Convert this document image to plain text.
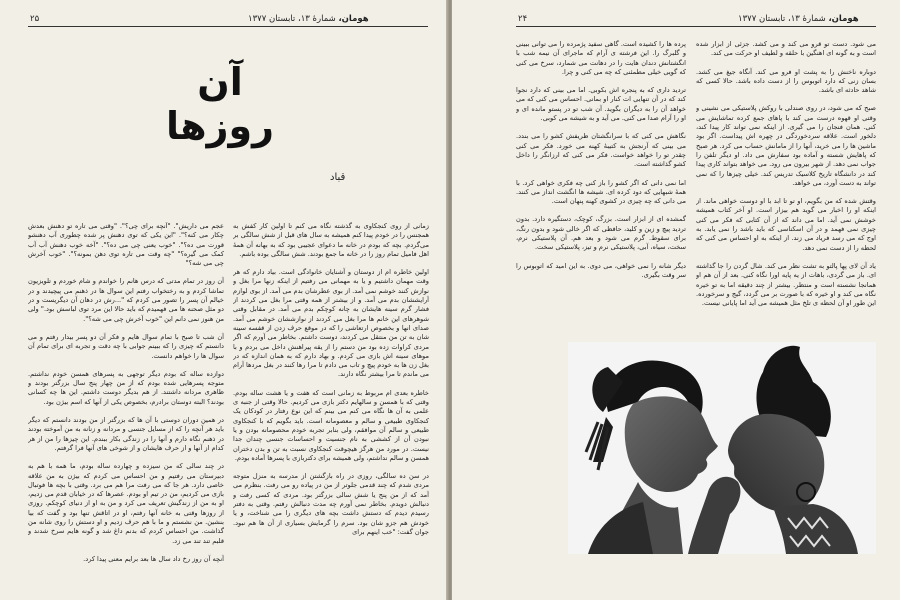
۲۵	هومان، شمارهٔ ۱۳، تابستان ۱۳۷۷
آن روزها
قباد

زمانی از روی کنجکاوی به گذشته نگاه می کنم تا اولین کار کفش به همجنس را در خودم پیدا کنم همیشه به سال های قبل از شش سالگی بر می‌گردم. بچه که بودم در خانه ما دعوای عجیبی بود که به بهانه آن همهٔ اهل فامیل تمام روز را در خانه ما جمع بودند. شش سالگی بوده باشم.

اولین خاطره ام از دوستان و آشنایان خانوادگی است. بیاد دارم که هر وقت مهمان داشتیم و یا به مهمانی می رفتیم از اینکه زنها مرا بغل و نوازش کنند خوشم نمی آمد. از بوی عطرشان بدم می آمد. از بوی لوازم آرایششان بدم می آمد. و از بیشتر از همه وقتی مرا بغل می کردند از فشار گرم سینه هایشان به چانه کوچکم بدم می آمد. در مقابل وقتی شوهرهای این خانم ها مرا بغل می کردند از نوازششان خوشم می آمد. صدای انها و بخصوص ارتعاشی را که در موقع حرف زدن از قفسه سینه شان به تن من منتقل می کردند، دوست داشتم. بخاطر می آورم که اگر مردی کراوات زده بود من دستم را از یقه پیراهنش داخل می بردم و با موهای سینه اش بازی می کردم. و بهاد دارم که به همان اندازه که در بغل زن ها به خودم پیچ و تاب می دادم تا مرا رها کنند در بغل مردها آرام می ماندم تا مرا بیشتر نگاه دارند.

خاطره بعدی ام مربوط به زمانی است که هفت و یا هشت ساله بودم. وقتی که با همسن و سالهایم دکتر بازی می کردیم. حالا وقتی از جنبه ی علمی به آن ها نگاه می کنم می بینم که این نوع رفتار در کودکان یک کنجکاوی طبیعی و سالم و معصومانه است. باید بگویم که با کنجکاوی طبیعی و سالم آن موافقم، ولی بنابر تجربه خودم محصومانه بودن و یا نبودن آن از کششی به نام جنسیت و احساسات جنسی چندان جدا نیست. در مورد من هرگز هیچوقت کنجکاوی نسبت به تن و بدن دختران همسن و سالم نداشتم، ولی همیشه برای دکتربازی با پسرها آماده بودم.

در سن ده سالگی، روزی در راه بازگشتن از مدرسه به منزل متوجه مردی شدم که چند قدمی جلوتر از من در پیاده رو می رفت. بنظرم می آمد که از من پنج یا شش سالی بزرگتر بود. مردی که کسی رفت و دنبالش دویدم. بخاطر نمی آورم چه مدت دنبالش رفتم. وقتی به دفتر رسیدم دیدم که دستش داشت بچه های دیگری را می شناخت، و یا خودش هم جزو شان بود. سرم را گرمایش بسیاری از آن ها هم نبود. جوان گفت: "خب اینهم برای

عجم می داریش". "آنچه برای چی؟". "وقتی می تاره تو دهنش بعدش چکار می کنه؟". "این یکی که توی دهنش پر شده چطوری آب دهنشو قورت می ده؟". "خوب یعنی چی می ده؟". "آخه خوب دهنش آب آب کمک می گیره؟" "چه وقت می تاره توی دهن بمونه؟". "خوب آخرش چی می شه؟"

آن روز در تمام مدتی که درس هانم را خواندم و شام خوردم و تلویزیون تماشا کردم و به رختخواب رفتم این سوال ها در ذهنم می پیچیدند و در خیالم آن پسر را تصور می کردم که "...رش در دهان آن دیگریست و در دو مثل صحنه ها می فهمیدم که باید حالا این مرد توی لباسش بود." ولی من هنوز نمی دانم این "خوب آخرش چی می شه؟".

آن شب تا صبح با تمام سوال هایم و فکر آن دو پسر بیدار رفتم و می دانستم که چیزی را که ببینم جوابی با چه دقت و تجربه ای برای تمام آن سوال ها را خواهم دانست.

دوازده ساله که بودم دیگر توجهی به پسرهای همسن خودم نداشتم. متوجه پسرهایی شده بودم که از من چهار پنج سال بزرگتر بودند و ظاهری مردانه داشتند. از هم بدیگر دوست داشتم. این ها چه کسانی بودند؟ البته دوستان برادرم، بخصوص یکی از آنها که اسم بیژن بود.

در همین دوران دوستی با آن ها که بزرگتر از من بودند دانستم که دیگر باید هر آنچه را که از مسایل جنسی و مردانه و زنانه به من آموخته بودند در ذهنم نگاه دارم و آنها را در زندگی بکار ببندم. این چیزها را من از هر کدام از آنها و از حرف هایشان و از شوخی های آنها فرا گرفتم.

در چند سالی که من سیزده و چهارده ساله بودم، ما همه با هم به دبیرستان می رفتیم و من احساس می کردم که بیژن به من علاقه خاصی دارد. هر جا که می رفت مرا هم می برد. وقتی با بچه ها فوتبال بازی می کردیم، من در تیم او بودم. عصرها که در خیابان قدم می زدیم، او به من از زندگیش تعریف می کرد و من به او از دنیای کوچکم. روزی از روزها وقتی به خانه آنها رفتم، او در اتاقش تنها بود و گفت که بیا بنشین. من نشستم و ما با هم حرف زدیم و او دستش را روی شانه من گذاشت. من احساس کردم که بدنم داغ شد و گونه هایم سرخ شدند و قلبم تند تند می زد.

آنچه آن روز رخ داد سال ها بعد برایم معنی پیدا کرد.

۲۴	هومان، شمارهٔ ۱۳، تابستان ۱۳۷۷

می شود. دست تو قرو می کند و می کشد. جزئی از ابزار شده است و به گونه ای اهنگین با حلقه و لطیف او حرکت می کند.

دوباره ناخنش را به پشت او فرو می کند. آنگاه جیغ می کشد. بسان زنی که دارد اتوبوس را از دست داده باشد. حالا کسی که شاهد حادثه ای باشد.

صبح که می شود، در روی صندلی با روکش پلاستیکی می نشینی و وقتی او قهوه درست می کند با پاهای جمع کرده تماشایش می کنی. همان فنجان را می گیری. از اینکه نمی تواند کار پیدا کند، دلخور است. علاقه سردخوردگی در چهره اش پیداست. اگر بود ماشین ها را می خرید، آنها را از مامانش حساب می کرد. هر صبح که پاهایش شسته و آماده بود سفارش می داد. او دیگر تلفن را جواب نمی دهد. از شهر بیرون می رود. می خواهد بتواند کاری پیدا کند در دانشگاه تاریخ کلاسیک تدریس کند. خیلی چیزها را که نمی تواند به دست آورد، می خواهد.

وقتش شده که من بگویم، او تو تا ابد با او دوست خواهی ماند. از اینکه او را اخبار می گوید هم بیزار است. او آخر کتاب همیشه خوشش نمی آید. اما می داند که از آن کتابی که فکر می کنی چیزی نمی فهمد و در آن اسکناسی که باید باشد را نمی یابد. به اوج که می رسد فریاد می زند. از اینکه به او احساس می کنی که لحظه را از دست نمی دهد.

یاد آن لای پها پالتو به تشت نظر می کند. شال گردن را جا گذاشته ای. باز می گردی، باهات از یه پایه اورا نگاه کنی. بعد از آن هم او همانجا نشسته است و منتظر. بیشتر از چند دقیقه اما به تو خیره نگاه می کند و او خیره که با صورت بر می گردد، گیج و سرخورده. این طور او آن لحظه ی تلخ مثل همیشه می آید اما پایانی نیست.

پرده ها را کشیده است. گاهی سفید پژمرده را می توانی ببینی و گلبرگ را. این فرشته ی آرام که ماجرای آن نیمه شب با انگشتانش دندان هایت را در دهانت می شمارد، سرخ می کنی که گویی خیلی مطمئنی که چه می کنی و چرا.

تردید داری که به پنجره اش بکوبی. اما می بینی که دارد نجوا کند که در آن تنهایی ات کنار او بمانی. احساس می کنی که می خواهد آن را به دیگران بگوید. آن شب تو در پستو مانده ای و او را آرام صدا می کنی. می آید و به شیشه می کوبی.

نگاهش می کنی که با سرانگشتان ظریفش کشو را می بندد. می بینی که آرنجش به کتیبهٔ کهنه می خورد. فکر می کنی چقدر تو را خواهد خواست. فکر می کنی که ارزانگر را داخل کشو گذاشته است.

اما نمی دانی که اگر کشو را باز کنی چه فکری خواهی کرد. با همهٔ شبهایی که دود کرده ای. شیشه ها انگشت انداز می کنند. می دانی که چه چیزی در کشوی کهنه پنهان است.

گمشده ای از ابزار است. بزرگ، کوچک، دستگیره دارد. بدون تردید پیچ و زین و کلید، حافظی که اگر خالی شود و بدون رنگ، برای سقوط. گرم می شود و بعد هم. آن پلاستیکی نرم، سخت، سیاه، آبی، پلاستیکی نرم و تیز، پلاستیکی سخت.

دیگر شانه را نمی خواهی، می دوی. به این امید که اتوبوس را سر وقت بگیری.
